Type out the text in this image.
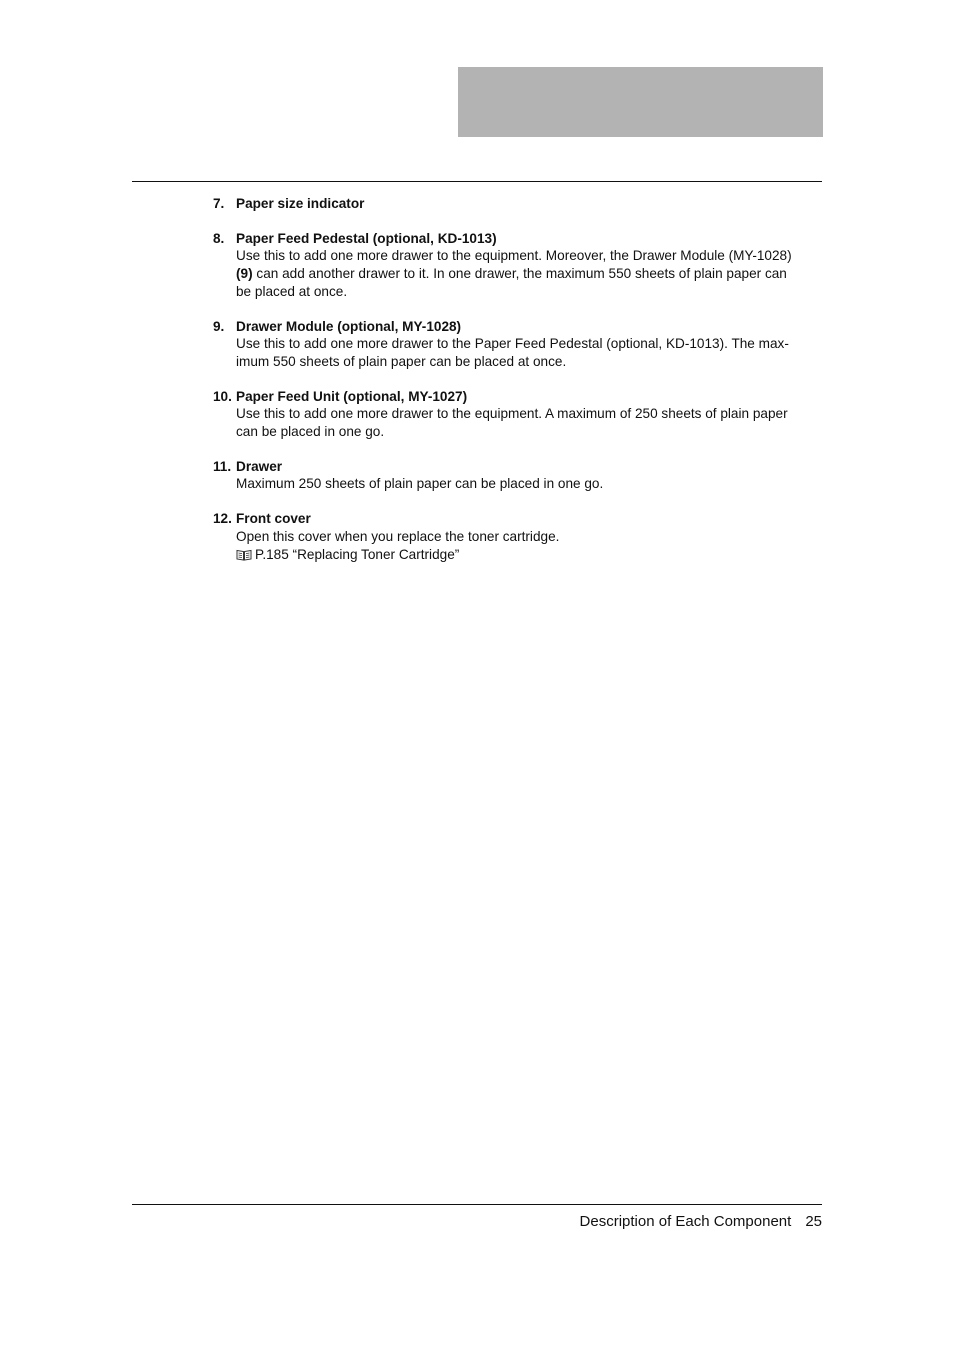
7. Paper size indicator
8. Paper Feed Pedestal (optional, KD-1013)
Use this to add one more drawer to the equipment. Moreover, the Drawer Module (MY-1028)
(9) can add another drawer to it. In one drawer, the maximum 550 sheets of plain paper can
be placed at once.
9. Drawer Module (optional, MY-1028)
Use this to add one more drawer to the Paper Feed Pedestal (optional, KD-1013). The max-
imum 550 sheets of plain paper can be placed at once.
10. Paper Feed Unit (optional, MY-1027)
Use this to add one more drawer to the equipment. A maximum of 250 sheets of plain paper
can be placed in one go.
11. Drawer
Maximum 250 sheets of plain paper can be placed in one go.
12. Front cover
Open this cover when you replace the toner cartridge.
P.185 “Replacing Toner Cartridge”
Description of Each Component 25
